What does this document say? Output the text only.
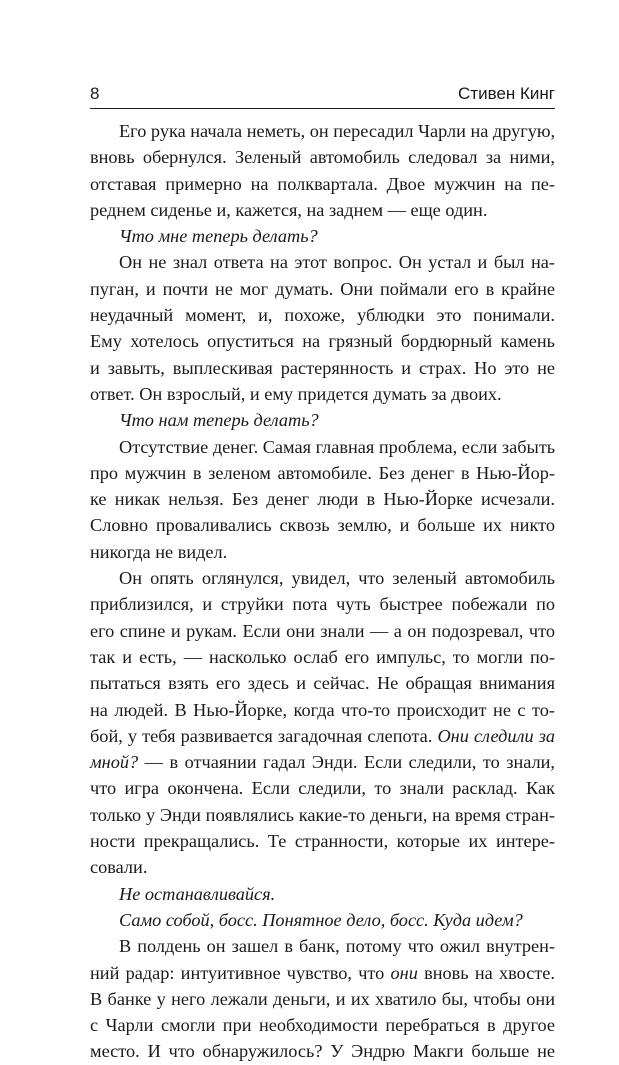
8	Стивен Кинг
Его рука начала неметь, он пересадил Чарли на другую,
вновь обернулся. Зеленый автомобиль следовал за ними,
отставая примерно на полквартала. Двое мужчин на пе-
реднем сиденье и, кажется, на заднем — еще один.
Что мне теперь делать?
Он не знал ответа на этот вопрос. Он устал и был на-
пуган, и почти не мог думать. Они поймали его в крайне
неудачный момент, и, похоже, ублюдки это понимали.
Ему хотелось опуститься на грязный бордюрный камень
и завыть, выплескивая растерянность и страх. Но это не
ответ. Он взрослый, и ему придется думать за двоих.
Что нам теперь делать?
Отсутствие денег. Самая главная проблема, если забыть
про мужчин в зеленом автомобиле. Без денег в Нью-Йор-
ке никак нельзя. Без денег люди в Нью-Йорке исчезали.
Словно проваливались сквозь землю, и больше их никто
никогда не видел.
Он опять оглянулся, увидел, что зеленый автомобиль
приблизился, и струйки пота чуть быстрее побежали по
его спине и рукам. Если они знали — а он подозревал, что
так и есть, — насколько ослаб его импульс, то могли по-
пытаться взять его здесь и сейчас. Не обращая внимания
на людей. В Нью-Йорке, когда что-то происходит не с то-
бой, у тебя развивается загадочная слепота. Они следили за
мной? — в отчаянии гадал Энди. Если следили, то знали,
что игра окончена. Если следили, то знали расклад. Как
только у Энди появлялись какие-то деньги, на время стран-
ности прекращались. Те странности, которые их интере-
совали.
Не останавливайся.
Само собой, босс. Понятное дело, босс. Куда идем?
В полдень он зашел в банк, потому что ожил внутрен-
ний радар: интуитивное чувство, что они вновь на хвосте.
В банке у него лежали деньги, и их хватило бы, чтобы они
с Чарли смогли при необходимости перебраться в другое
место. И что обнаружилось? У Эндрю Макги больше не
